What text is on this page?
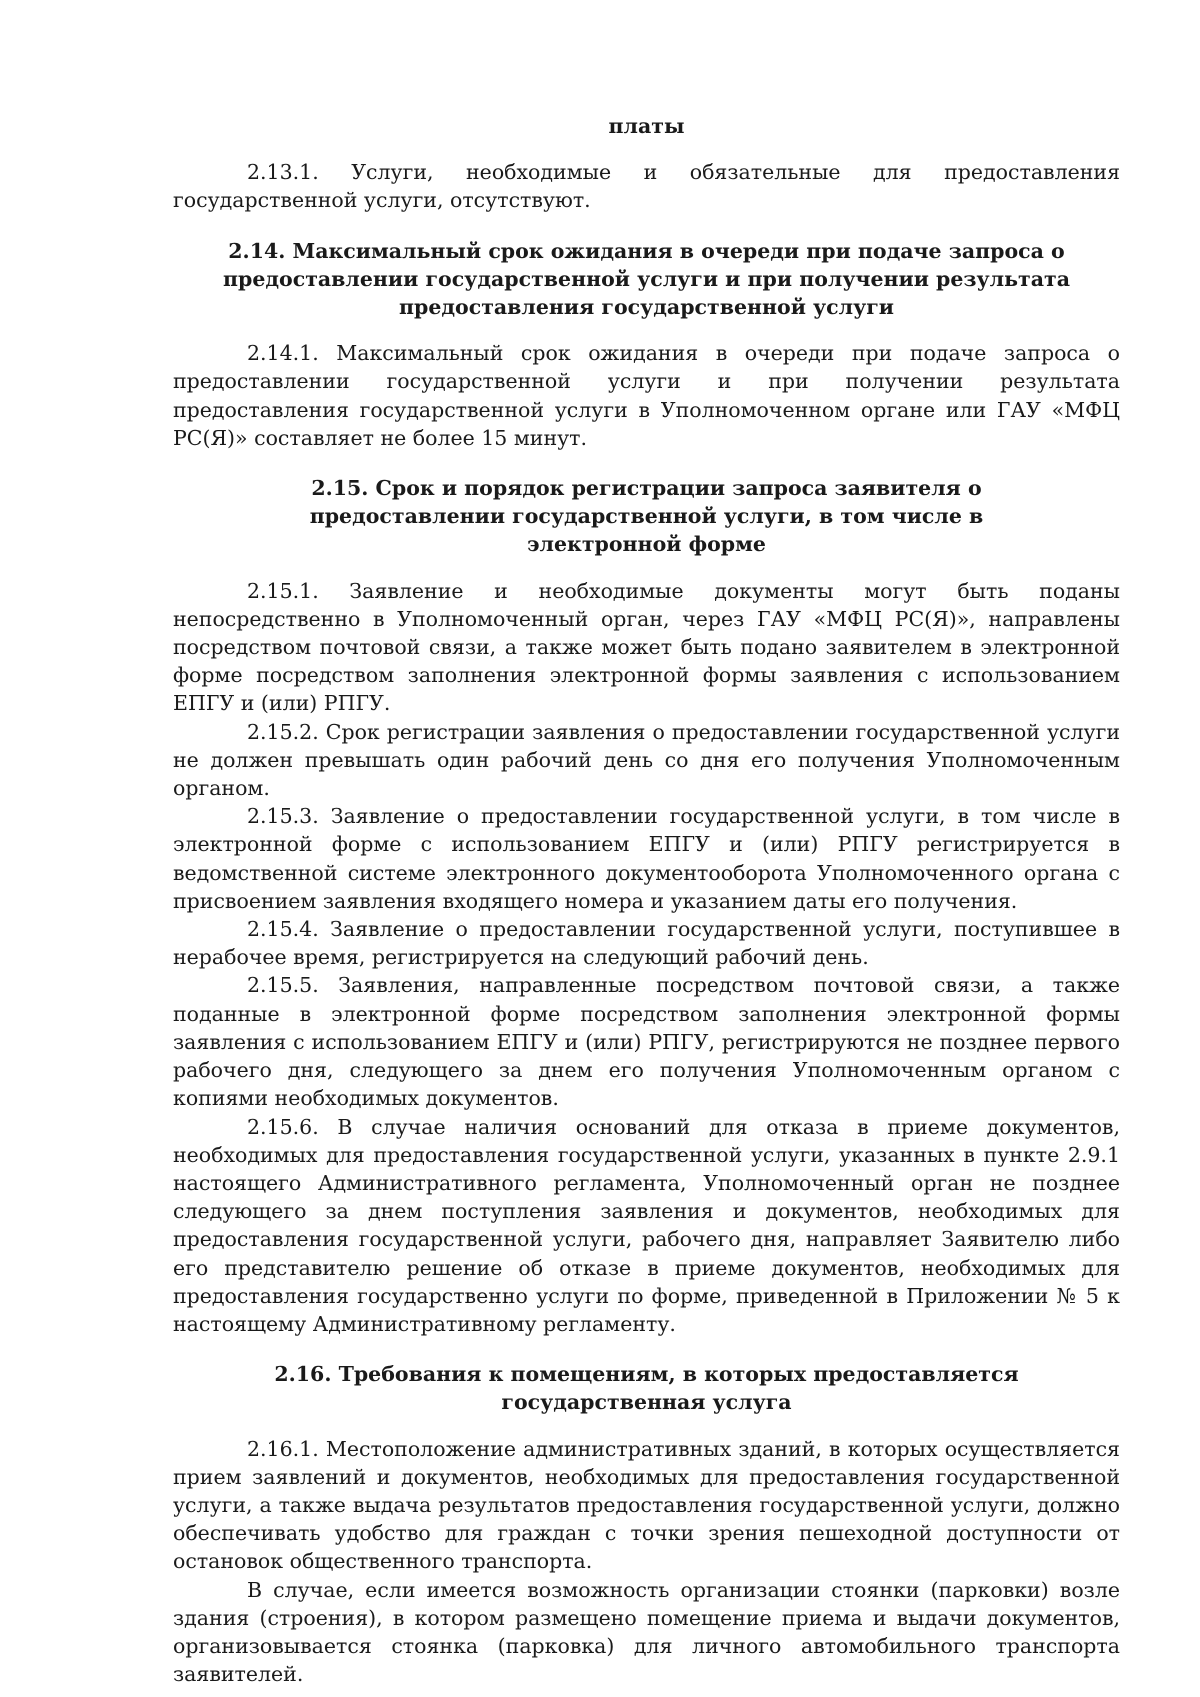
платы

2.13.1. Услуги, необходимые и обязательные для предоставления государственной услуги, отсутствуют.

2.14. Максимальный срок ожидания в очереди при подаче запроса о предоставлении государственной услуги и при получении результата предоставления государственной услуги

2.14.1. Максимальный срок ожидания в очереди при подаче запроса о предоставлении государственной услуги и при получении результата предоставления государственной услуги в Уполномоченном органе или ГАУ «МФЦ РС(Я)» составляет не более 15 минут.

2.15. Срок и порядок регистрации запроса заявителя о предоставлении государственной услуги, в том числе в электронной форме

2.15.1. Заявление и необходимые документы могут быть поданы непосредственно в Уполномоченный орган, через ГАУ «МФЦ РС(Я)», направлены посредством почтовой связи, а также может быть подано заявителем в электронной форме посредством заполнения электронной формы заявления с использованием ЕПГУ и (или) РПГУ.

2.15.2. Срок регистрации заявления о предоставлении государственной услуги не должен превышать один рабочий день со дня его получения Уполномоченным органом.

2.15.3. Заявление о предоставлении государственной услуги, в том числе в электронной форме с использованием ЕПГУ и (или) РПГУ регистрируется в ведомственной системе электронного документооборота Уполномоченного органа с присвоением заявления входящего номера и указанием даты его получения.

2.15.4. Заявление о предоставлении государственной услуги, поступившее в нерабочее время, регистрируется на следующий рабочий день.

2.15.5. Заявления, направленные посредством почтовой связи, а также поданные в электронной форме посредством заполнения электронной формы заявления с использованием ЕПГУ и (или) РПГУ, регистрируются не позднее первого рабочего дня, следующего за днем его получения Уполномоченным органом с копиями необходимых документов.

2.15.6. В случае наличия оснований для отказа в приеме документов, необходимых для предоставления государственной услуги, указанных в пункте 2.9.1 настоящего Административного регламента, Уполномоченный орган не позднее следующего за днем поступления заявления и документов, необходимых для предоставления государственной услуги, рабочего дня, направляет Заявителю либо его представителю решение об отказе в приеме документов, необходимых для предоставления государственно услуги по форме, приведенной в Приложении № 5 к настоящему Административному регламенту.

2.16. Требования к помещениям, в которых предоставляется государственная услуга

2.16.1. Местоположение административных зданий, в которых осуществляется прием заявлений и документов, необходимых для предоставления государственной услуги, а также выдача результатов предоставления государственной услуги, должно обеспечивать удобство для граждан с точки зрения пешеходной доступности от остановок общественного транспорта.

В случае, если имеется возможность организации стоянки (парковки) возле здания (строения), в котором размещено помещение приема и выдачи документов, организовывается стоянка (парковка) для личного автомобильного транспорта заявителей.
